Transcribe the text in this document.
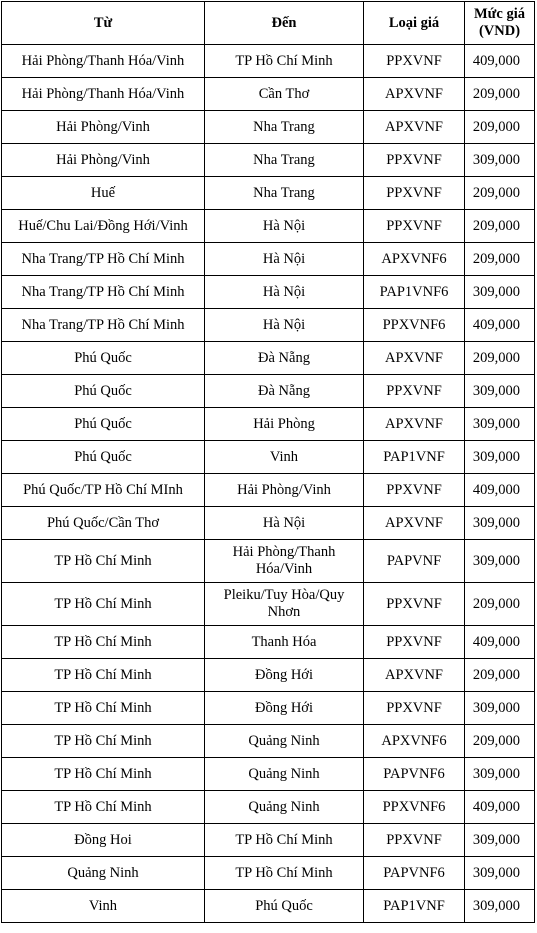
Từ	Đến	Loại giá	Mức giá (VND)
Hải Phòng/Thanh Hóa/Vinh	TP Hồ Chí Minh	PPXVNF	409,000
Hải Phòng/Thanh Hóa/Vinh	Cần Thơ	APXVNF	209,000
Hải Phòng/Vinh	Nha Trang	APXVNF	209,000
Hải Phòng/Vinh	Nha Trang	PPXVNF	309,000
Huế	Nha Trang	PPXVNF	209,000
Huế/Chu Lai/Đồng Hới/Vinh	Hà Nội	PPXVNF	209,000
Nha Trang/TP Hồ Chí Minh	Hà Nội	APXVNF6	209,000
Nha Trang/TP Hồ Chí Minh	Hà Nội	PAP1VNF6	309,000
Nha Trang/TP Hồ Chí Minh	Hà Nội	PPXVNF6	409,000
Phú Quốc	Đà Nẵng	APXVNF	209,000
Phú Quốc	Đà Nẵng	PPXVNF	309,000
Phú Quốc	Hải Phòng	APXVNF	309,000
Phú Quốc	Vinh	PAP1VNF	309,000
Phú Quốc/TP Hồ Chí MInh	Hải Phòng/Vinh	PPXVNF	409,000
Phú Quốc/Cần Thơ	Hà Nội	APXVNF	309,000
TP Hồ Chí Minh	Hải Phòng/Thanh Hóa/Vinh	PAPVNF	309,000
TP Hồ Chí Minh	Pleiku/Tuy Hòa/Quy Nhơn	PPXVNF	209,000
TP Hồ Chí Minh	Thanh Hóa	PPXVNF	409,000
TP Hồ Chí Minh	Đồng Hới	APXVNF	209,000
TP Hồ Chí Minh	Đồng Hới	PPXVNF	309,000
TP Hồ Chí Minh	Quảng Ninh	APXVNF6	209,000
TP Hồ Chí Minh	Quảng Ninh	PAPVNF6	309,000
TP Hồ Chí Minh	Quảng Ninh	PPXVNF6	409,000
Đồng Hoi	TP Hồ Chí Minh	PPXVNF	309,000
Quảng Ninh	TP Hồ Chí Minh	PAPVNF6	309,000
Vinh	Phú Quốc	PAP1VNF	309,000
